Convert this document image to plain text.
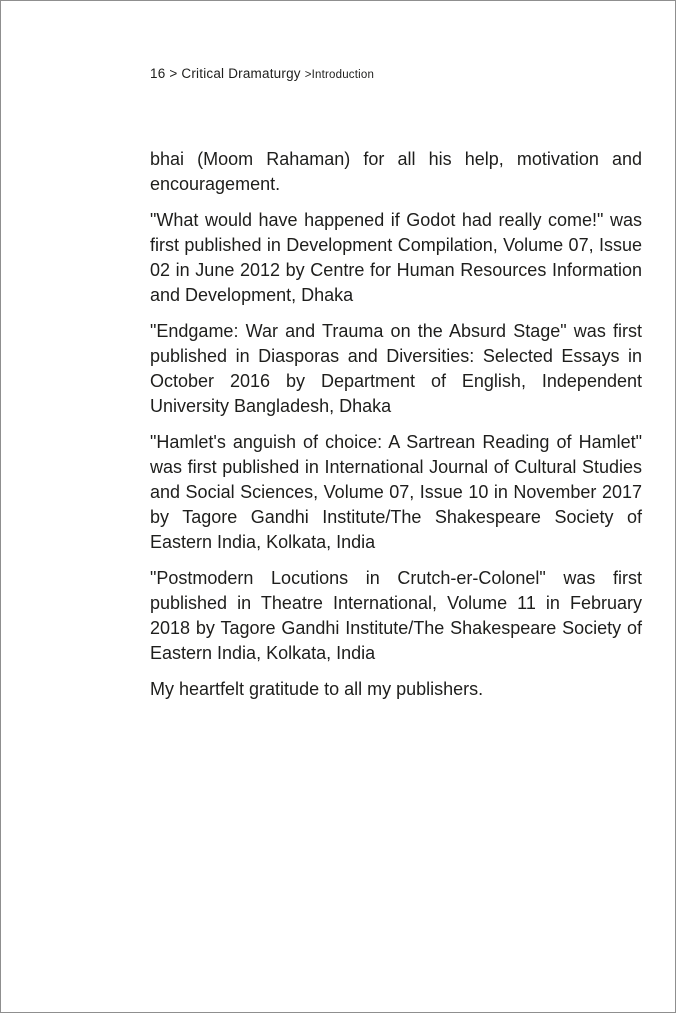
16 > Critical Dramaturgy >Introduction

bhai (Moom Rahaman) for all his help, motivation and encouragement.

"What would have happened if Godot had really come!" was first published in Development Compilation, Volume 07, Issue 02 in June 2012 by Centre for Human Resources Information and Development, Dhaka

"Endgame: War and Trauma on the Absurd Stage" was first published in Diasporas and Diversities: Selected Essays in October 2016 by Department of English, Independent University Bangladesh, Dhaka

"Hamlet's anguish of choice: A Sartrean Reading of Hamlet" was first published in International Journal of Cultural Studies and Social Sciences, Volume 07, Issue 10 in November 2017 by Tagore Gandhi Institute/The Shakespeare Society of Eastern India, Kolkata, India

"Postmodern Locutions in Crutch-er-Colonel" was first published in Theatre International, Volume 11 in February 2018 by Tagore Gandhi Institute/The Shakespeare Society of Eastern India, Kolkata, India

My heartfelt gratitude to all my publishers.
